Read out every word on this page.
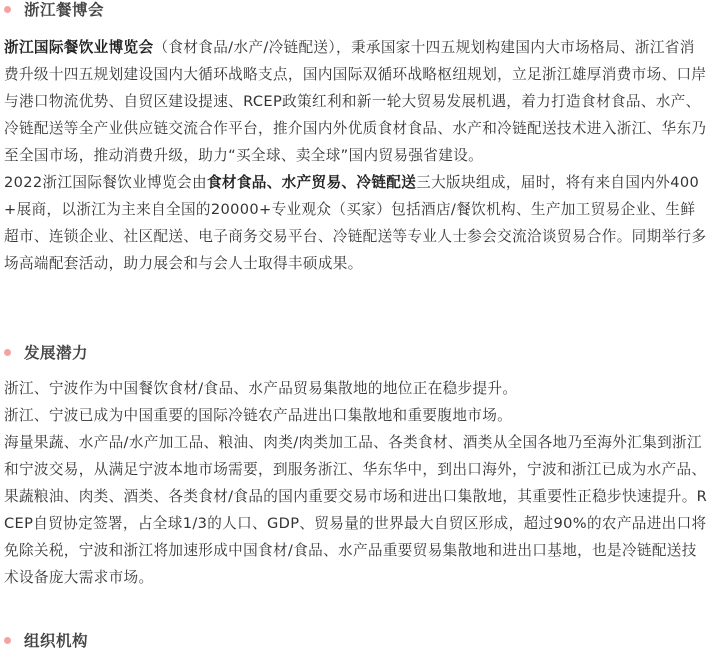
浙江餐博会

浙江国际餐饮业博览会（食材食品/水产/冷链配送），秉承国家十四五规划构建国内大市场格局、浙江省消费升级十四五规划建设国内大循环战略支点，国内国际双循环战略枢纽规划，立足浙江雄厚消费市场、口岸与港口物流优势、自贸区建设提速、RCEP政策红利和新一轮大贸易发展机遇，着力打造食材食品、水产、冷链配送等全产业供应链交流合作平台，推介国内外优质食材食品、水产和冷链配送技术进入浙江、华东乃至全国市场，推动消费升级，助力“买全球、卖全球”国内贸易强省建设。

2022浙江国际餐饮业博览会由食材食品、水产贸易、冷链配送三大版块组成，届时，将有来自国内外400+展商，以浙江为主来自全国的20000+专业观众（买家）包括酒店/餐饮机构、生产加工贸易企业、生鲜超市、连锁企业、社区配送、电子商务交易平台、冷链配送等专业人士参会交流洽谈贸易合作。同期举行多场高端配套活动，助力展会和与会人士取得丰硕成果。

发展潜力

浙江、宁波作为中国餐饮食材/食品、水产品贸易集散地的地位正在稳步提升。

浙江、宁波已成为中国重要的国际冷链农产品进出口集散地和重要腹地市场。

海量果蔬、水产品/水产加工品、粮油、肉类/肉类加工品、各类食材、酒类从全国各地乃至海外汇集到浙江和宁波交易，从满足宁波本地市场需要，到服务浙江、华东华中，到出口海外，宁波和浙江已成为水产品、果蔬粮油、肉类、酒类、各类食材/食品的国内重要交易市场和进出口集散地，其重要性正稳步快速提升。RCEP自贸协定签署，占全球1/3的人口、GDP、贸易量的世界最大自贸区形成，超过90%的农产品进出口将免除关税，宁波和浙江将加速形成中国食材/食品、水产品重要贸易集散地和进出口基地，也是冷链配送技术设备庞大需求市场。

组织机构
